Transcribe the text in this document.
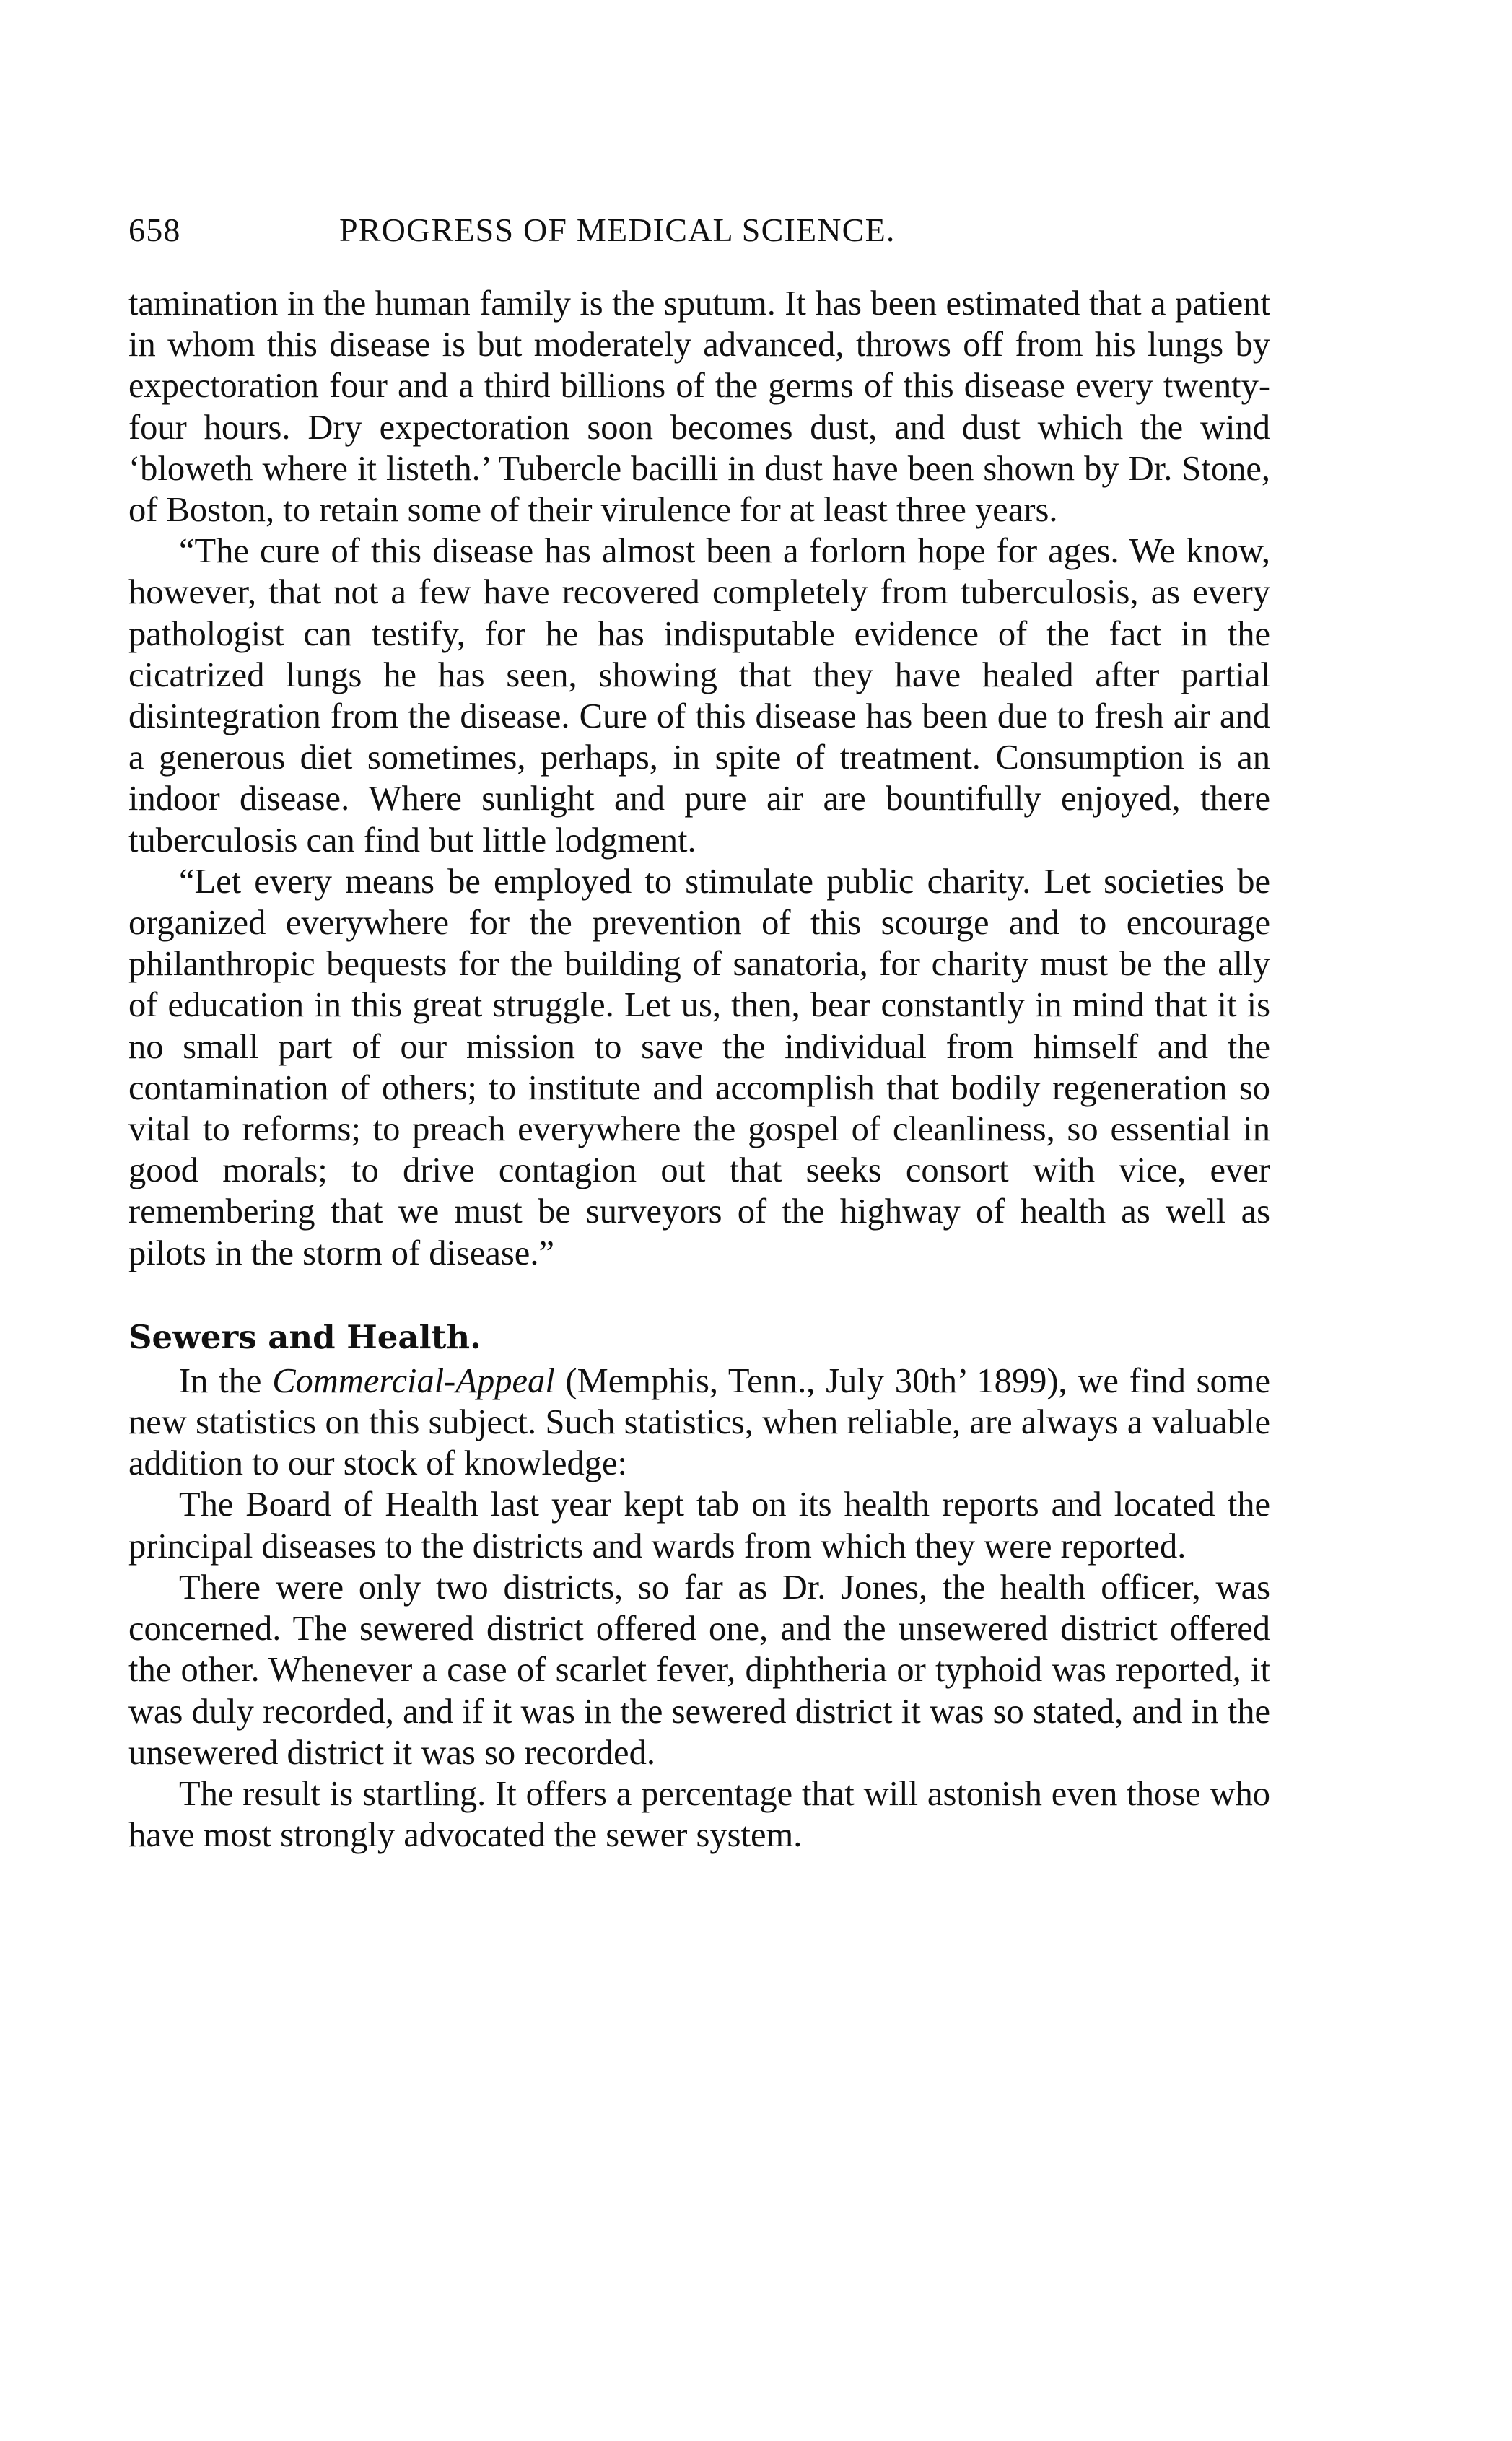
658	PROGRESS OF MEDICAL SCIENCE.

tamination in the human family is the sputum. It has been estimated that a patient in whom this disease is but moderately advanced, throws off from his lungs by expectoration four and a third billions of the germs of this disease every twenty-four hours. Dry expectoration soon becomes dust, and dust which the wind ‘bloweth where it listeth.’ Tubercle bacilli in dust have been shown by Dr. Stone, of Boston, to retain some of their virulence for at least three years.

“The cure of this disease has almost been a forlorn hope for ages. We know, however, that not a few have recovered completely from tuberculosis, as every pathologist can testify, for he has indisputable evidence of the fact in the cicatrized lungs he has seen, showing that they have healed after partial disintegration from the disease. Cure of this disease has been due to fresh air and a generous diet sometimes, perhaps, in spite of treatment. Consumption is an indoor disease. Where sunlight and pure air are bountifully enjoyed, there tuberculosis can find but little lodgment.

“Let every means be employed to stimulate public charity. Let societies be organized everywhere for the prevention of this scourge and to encourage philanthropic bequests for the building of sanatoria, for charity must be the ally of education in this great struggle. Let us, then, bear constantly in mind that it is no small part of our mission to save the individual from himself and the contamination of others; to institute and accomplish that bodily regeneration so vital to reforms; to preach everywhere the gospel of cleanliness, so essential in good morals; to drive contagion out that seeks consort with vice, ever remembering that we must be surveyors of the highway of health as well as pilots in the storm of disease.”

Sewers and Health.

In the Commercial-Appeal (Memphis, Tenn., July 30th’ 1899), we find some new statistics on this subject. Such statistics, when reliable, are always a valuable addition to our stock of knowledge:

The Board of Health last year kept tab on its health reports and located the principal diseases to the districts and wards from which they were reported.

There were only two districts, so far as Dr. Jones, the health officer, was concerned. The sewered district offered one, and the unsewered district offered the other. Whenever a case of scarlet fever, diphtheria or typhoid was reported, it was duly recorded, and if it was in the sewered district it was so stated, and in the unsewered district it was so recorded.

The result is startling. It offers a percentage that will astonish even those who have most strongly advocated the sewer system.
